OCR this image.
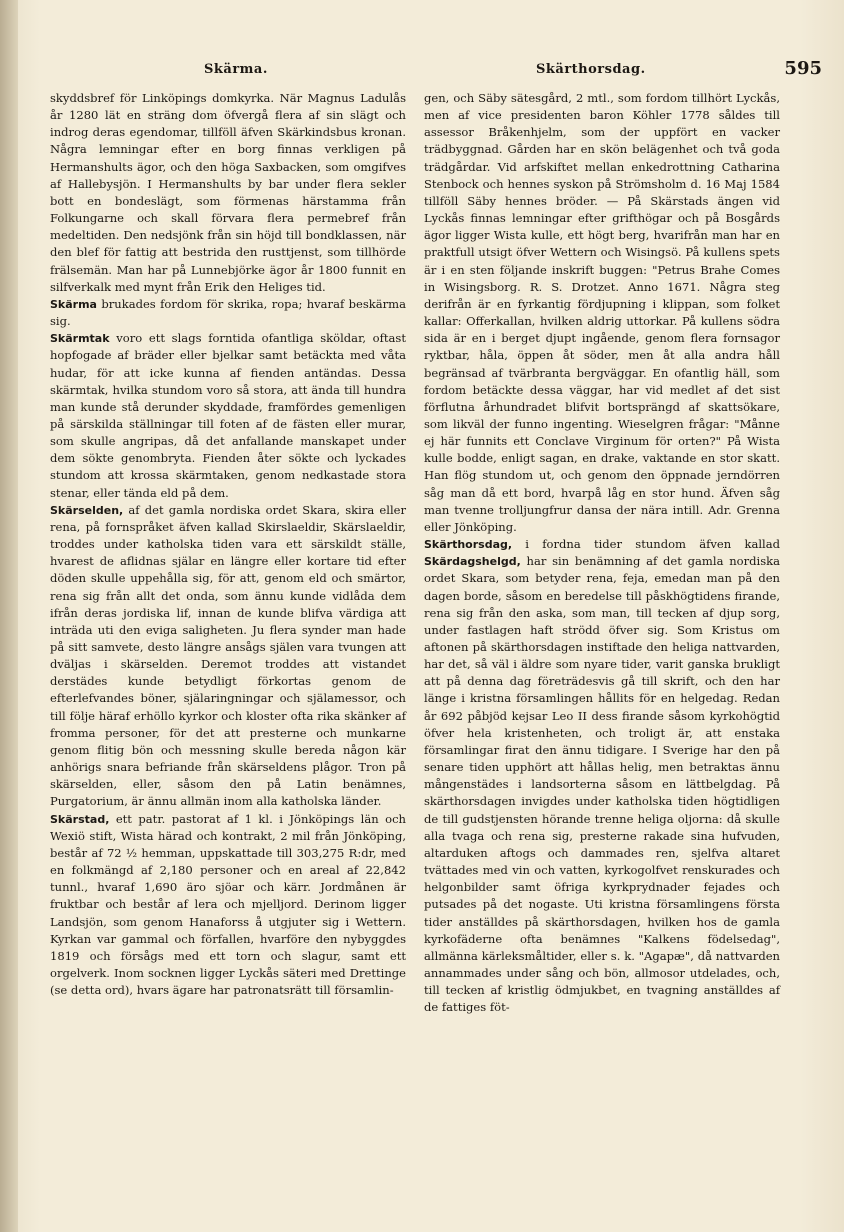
Skärma.	Skärthorsdag.	595

skyddsbref för Linköpings domkyrka. När Magnus Ladulås år 1280 lät en sträng dom öfvergå flera af sin slägt och indrog deras egendomar, tillföll äfven Skärkindsbus kronan. Några lemningar efter en borg finnas verkligen på Hermanshults ägor, och den höga Saxbacken, som omgifves af Hallebysjön. I Hermanshults by bar under flera sekler bott en bondeslägt, som förmenas härstamma från Folkungarne och skall förvara flera permebref från medeltiden. Den nedsjönk från sin höjd till bondklassen, när den blef för fattig att bestrida den rusttjenst, som tillhörde frälsemän. Man har på Lunnebjörke ägor år 1800 funnit en silfverkalk med mynt från Erik den Heliges tid.

Skärma brukades fordom för skrika, ropa; hvaraf beskärma sig.

Skärmtak voro ett slags forntida ofantliga sköldar, oftast hopfogade af bräder eller bjelkar samt betäckta med våta hudar, för att icke kunna af fienden antändas. Dessa skärmtak, hvilka stundom voro så stora, att ända till hundra man kunde stå derunder skyddade, framfördes gemenligen på särskilda ställningar till foten af de fästen eller murar, som skulle angripas, då det anfallande manskapet under dem sökte genombryta. Fienden åter sökte och lyckades stundom att krossa skärmtaken, genom nedkastade stora stenar, eller tända eld på dem.

Skärselden, af det gamla nordiska ordet Skara, skira eller rena, på fornspråket äfven kallad Skirslaeldir, Skärslaeldir, troddes under katholska tiden vara ett särskildt ställe, hvarest de aflidnas själar en längre eller kortare tid efter döden skulle uppehålla sig, för att, genom eld och smärtor, rena sig från allt det onda, som ännu kunde vidlåda dem ifrån deras jordiska lif, innan de kunde blifva värdiga att inträda uti den eviga saligheten. Ju flera synder man hade på sitt samvete, desto längre ansågs själen vara tvungen att dväljas i skärselden. Deremot troddes att vistandet derstädes kunde betydligt förkortas genom de efterlefvandes böner, själaringningar och själamessor, och till följe häraf erhöllo kyrkor och kloster ofta rika skänker af fromma personer, för det att presterne och munkarne genom flitig bön och messning skulle bereda någon kär anhörigs snara befriande från skärseldens plågor. Tron på skärselden, eller, såsom den på Latin benämnes, Purgatorium, är ännu allmän inom alla katholska länder.

Skärstad, ett patr. pastorat af 1 kl. i Jönköpings län och Wexiö stift, Wista härad och kontrakt, 2 mil från Jönköping, består af 72 ½ hemman, uppskattade till 303,275 R:dr, med en folkmängd af 2,180 personer och en areal af 22,842 tunnl., hvaraf 1,690 äro sjöar och kärr. Jordmånen är fruktbar och består af lera och mjelljord. Derinom ligger Landsjön, som genom Hanaforss å utgjuter sig i Wettern. Kyrkan var gammal och förfallen, hvarföre den nybyggdes 1819 och försågs med ett torn och slagur, samt ett orgelverk. Inom socknen ligger Lyckås säteri med Drettinge (se detta ord), hvars ägare har patronatsrätt till församlin-

gen, och Säby sätesgård, 2 mtl., som fordom tillhört Lyckås, men af vice presidenten baron Köhler 1778 såldes till assessor Bråkenhjelm, som der uppfört en vacker trädbyggnad. Gården har en skön belägenhet och två goda trädgårdar. Vid arfskiftet mellan enkedrottning Catharina Stenbock och hennes syskon på Strömsholm d. 16 Maj 1584 tillföll Säby hennes bröder. — På Skärstads ängen vid Lyckås finnas lemningar efter grifthögar och på Bosgårds ägor ligger Wista kulle, ett högt berg, hvarifrån man har en praktfull utsigt öfver Wettern och Wisingsö. På kullens spets är i en sten följande inskrift buggen: "Petrus Brahe Comes in Wisingsborg. R. S. Drotzet. Anno 1671. Några steg derifrån är en fyrkantig fördjupning i klippan, som folket kallar: Offerkallan, hvilken aldrig uttorkar. På kullens södra sida är en i berget djupt ingående, genom flera fornsagor ryktbar, håla, öppen åt söder, men åt alla andra håll begränsad af tvärbranta bergväggar. En ofantlig häll, som fordom betäckte dessa väggar, har vid medlet af det sist förflutna århundradet blifvit bortsprängd af skattsökare, som likväl der funno ingenting. Wieselgren frågar: "Månne ej här funnits ett Conclave Virginum för orten?" På Wista kulle bodde, enligt sagan, en drake, vaktande en stor skatt. Han flög stundom ut, och genom den öppnade jerndörren såg man då ett bord, hvarpå låg en stor hund. Äfven såg man tvenne trolljungfrur dansa der nära intill. Adr. Grenna eller Jönköping.

Skärthorsdag, i fordna tider stundom äfven kallad Skärdagshelgd, har sin benämning af det gamla nordiska ordet Skara, som betyder rena, feja, emedan man på den dagen borde, såsom en beredelse till påskhögtidens firande, rena sig från den aska, som man, till tecken af djup sorg, under fastlagen haft strödd öfver sig. Som Kristus om aftonen på skärthorsdagen instiftade den heliga nattvarden, har det, så väl i äldre som nyare tider, varit ganska brukligt att på denna dag företrädesvis gå till skrift, och den har länge i kristna församlingen hållits för en helgedag. Redan år 692 påbjöd kejsar Leo II dess firande såsom kyrkohögtid öfver hela kristenheten, och troligt är, att enstaka församlingar firat den ännu tidigare. I Sverige har den på senare tiden upphört att hållas helig, men betraktas ännu mångenstädes i landsorterna såsom en lättbelgdag. På skärthorsdagen invigdes under katholska tiden högtidligen de till gudstjensten hörande trenne heliga oljorna: då skulle alla tvaga och rena sig, presterne rakade sina hufvuden, altarduken aftogs och dammades ren, sjelfva altaret tvättades med vin och vatten, kyrkogolfvet renskurades och helgonbilder samt öfriga kyrkprydnader fejades och putsades på det nogaste. Uti kristna församlingens första tider anställdes på skärthorsdagen, hvilken hos de gamla kyrkofäderne ofta benämnes "Kalkens födelsedag", allmänna kärleksmåltider, eller s. k. "Agapæ", då nattvarden annammades under sång och bön, allmosor utdelades, och, till tecken af kristlig ödmjukbet, en tvagning anställdes af de fattiges föt-
